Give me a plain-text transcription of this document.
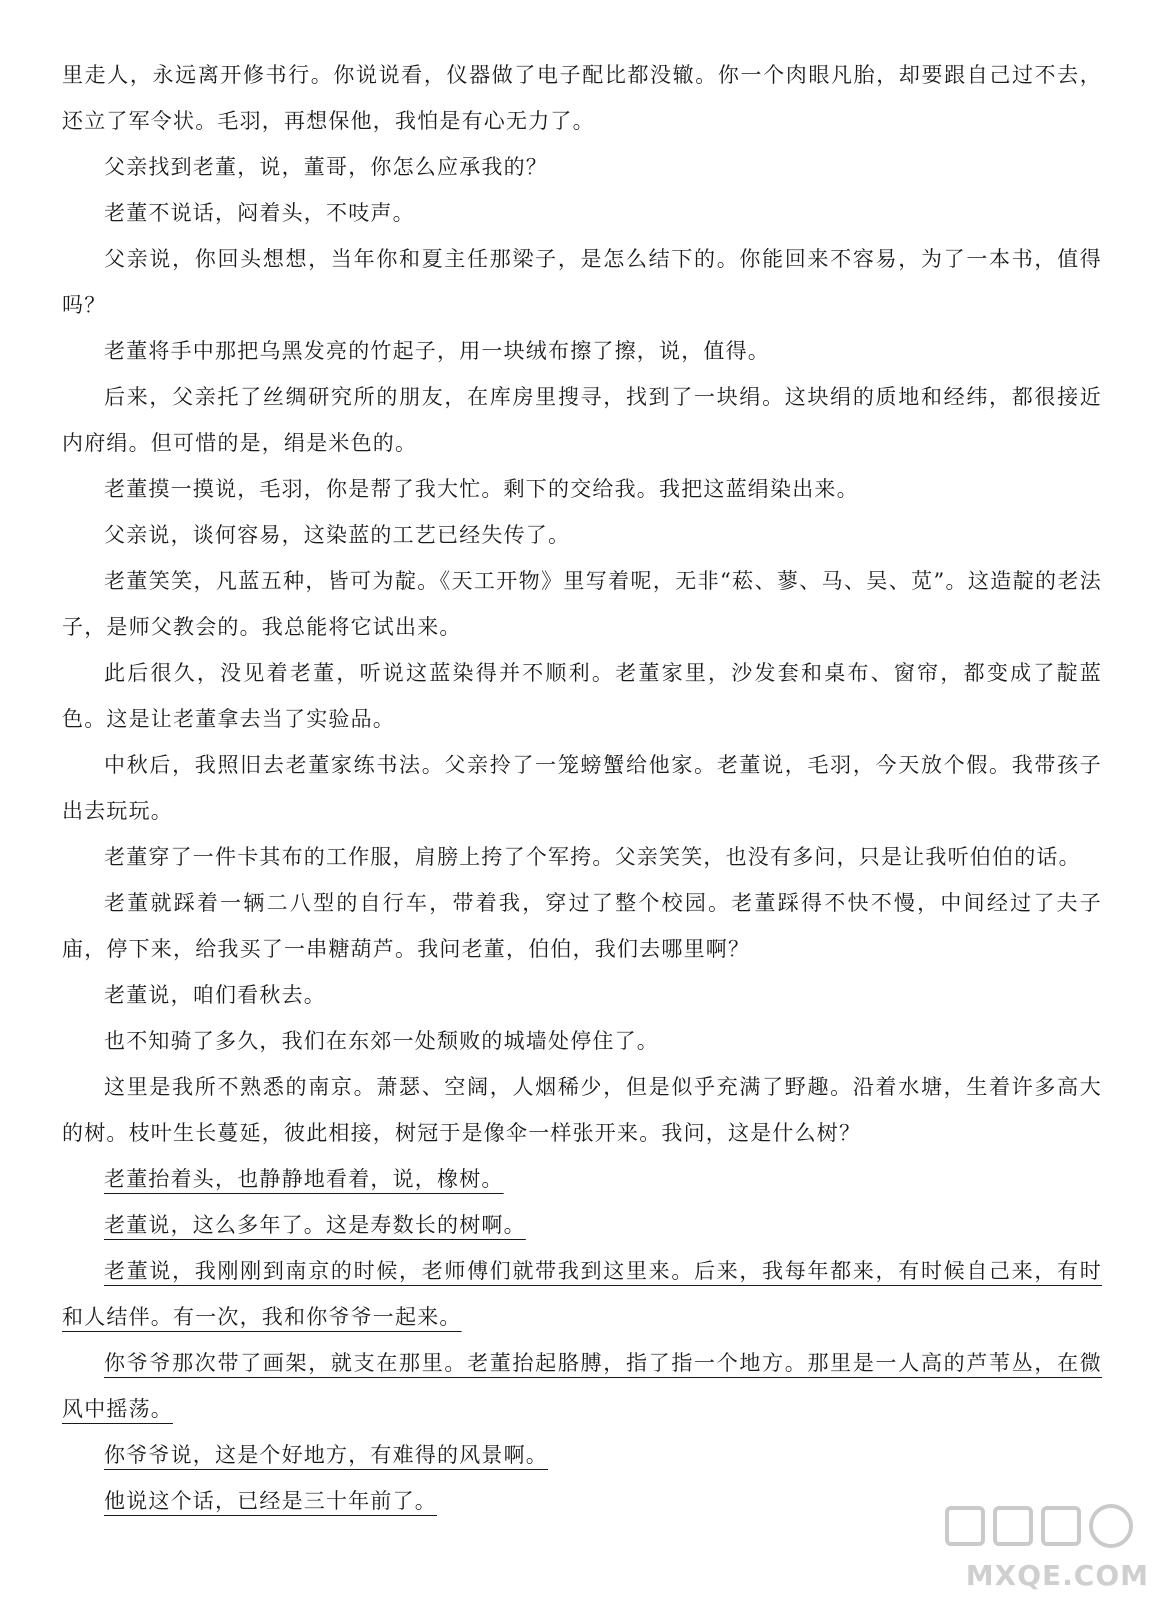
里走人，永远离开修书行。你说说看，仪器做了电子配比都没辙。你一个肉眼凡胎，却要跟自己过不去，还立了军令状。毛羽，再想保他，我怕是有心无力了。

父亲找到老董，说，董哥，你怎么应承我的？

老董不说话，闷着头，不吱声。

父亲说，你回头想想，当年你和夏主任那梁子，是怎么结下的。你能回来不容易，为了一本书，值得吗？

老董将手中那把乌黑发亮的竹起子，用一块绒布擦了擦，说，值得。

后来，父亲托了丝绸研究所的朋友，在库房里搜寻，找到了一块绢。这块绢的质地和经纬，都很接近内府绢。但可惜的是，绢是米色的。

老董摸一摸说，毛羽，你是帮了我大忙。剩下的交给我。我把这蓝绢染出来。

父亲说，谈何容易，这染蓝的工艺已经失传了。

老董笑笑，凡蓝五种，皆可为靛。《天工开物》里写着呢，无非“菘、蓼、马、吴、苋”。这造靛的老法子，是师父教会的。我总能将它试出来。

此后很久，没见着老董，听说这蓝染得并不顺利。老董家里，沙发套和桌布、窗帘，都变成了靛蓝色。这是让老董拿去当了实验品。

中秋后，我照旧去老董家练书法。父亲拎了一笼螃蟹给他家。老董说，毛羽，今天放个假。我带孩子出去玩玩。

老董穿了一件卡其布的工作服，肩膀上挎了个军挎。父亲笑笑，也没有多问，只是让我听伯伯的话。

老董就踩着一辆二八型的自行车，带着我，穿过了整个校园。老董踩得不快不慢，中间经过了夫子庙，停下来，给我买了一串糖葫芦。我问老董，伯伯，我们去哪里啊？

老董说，咱们看秋去。

也不知骑了多久，我们在东郊一处颓败的城墙处停住了。

这里是我所不熟悉的南京。萧瑟、空阔，人烟稀少，但是似乎充满了野趣。沿着水塘，生着许多高大的树。枝叶生长蔓延，彼此相接，树冠于是像伞一样张开来。我问，这是什么树？

老董抬着头，也静静地看着，说，橡树。

老董说，这么多年了。这是寿数长的树啊。

老董说，我刚刚到南京的时候，老师傅们就带我到这里来。后来，我每年都来，有时候自己来，有时和人结伴。有一次，我和你爷爷一起来。

你爷爷那次带了画架，就支在那里。老董抬起胳膊，指了指一个地方。那里是一人高的芦苇丛，在微风中摇荡。

你爷爷说，这是个好地方，有难得的风景啊。

他说这个话，已经是三十年前了。

MXQE.COM
